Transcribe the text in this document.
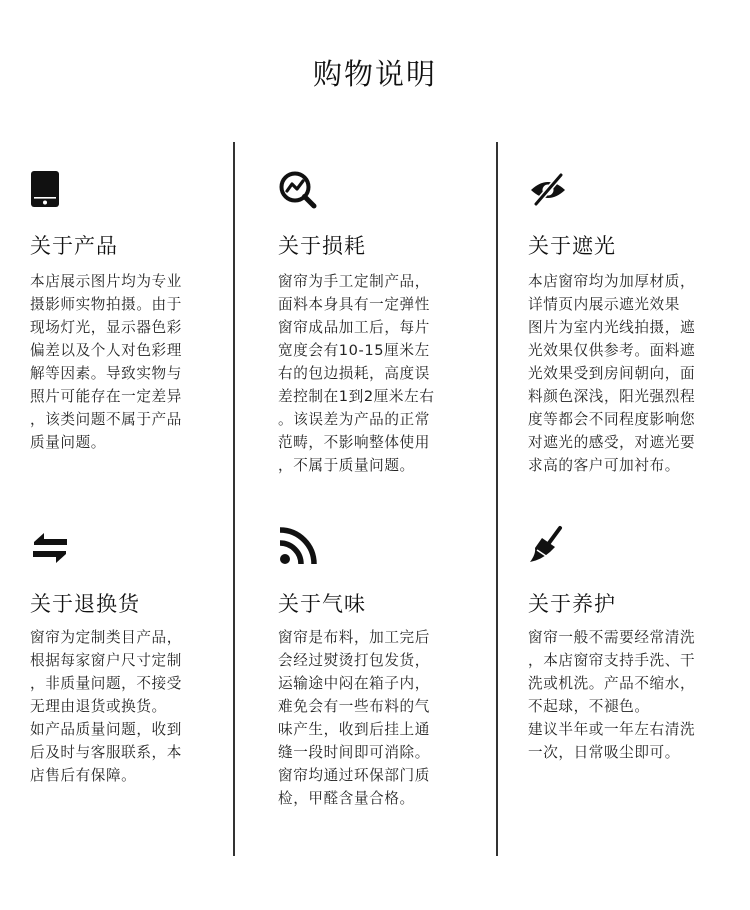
购物说明
关于产品
本店展示图片均为专业
摄影师实物拍摄。由于
现场灯光，显示器色彩
偏差以及个人对色彩理
解等因素。导致实物与
照片可能存在一定差异
，该类问题不属于产品
质量问题。
关于损耗
窗帘为手工定制产品，
面料本身具有一定弹性
窗帘成品加工后，每片
宽度会有10-15厘米左
右的包边损耗，高度误
差控制在1到2厘米左右
。该误差为产品的正常
范畴，不影响整体使用
，不属于质量问题。
关于遮光
本店窗帘均为加厚材质，
详情页内展示遮光效果
图片为室内光线拍摄，遮
光效果仅供参考。面料遮
光效果受到房间朝向，面
料颜色深浅，阳光强烈程
度等都会不同程度影响您
对遮光的感受，对遮光要
求高的客户可加衬布。
关于退换货
窗帘为定制类目产品，
根据每家窗户尺寸定制
，非质量问题，不接受
无理由退货或换货。
如产品质量问题，收到
后及时与客服联系，本
店售后有保障。
关于气味
窗帘是布料，加工完后
会经过熨烫打包发货，
运输途中闷在箱子内，
难免会有一些布料的气
味产生，收到后挂上通
缝一段时间即可消除。
窗帘均通过环保部门质
检，甲醛含量合格。
关于养护
窗帘一般不需要经常清洗
，本店窗帘支持手洗、干
洗或机洗。产品不缩水，
不起球，不褪色。
建议半年或一年左右清洗
一次，日常吸尘即可。
